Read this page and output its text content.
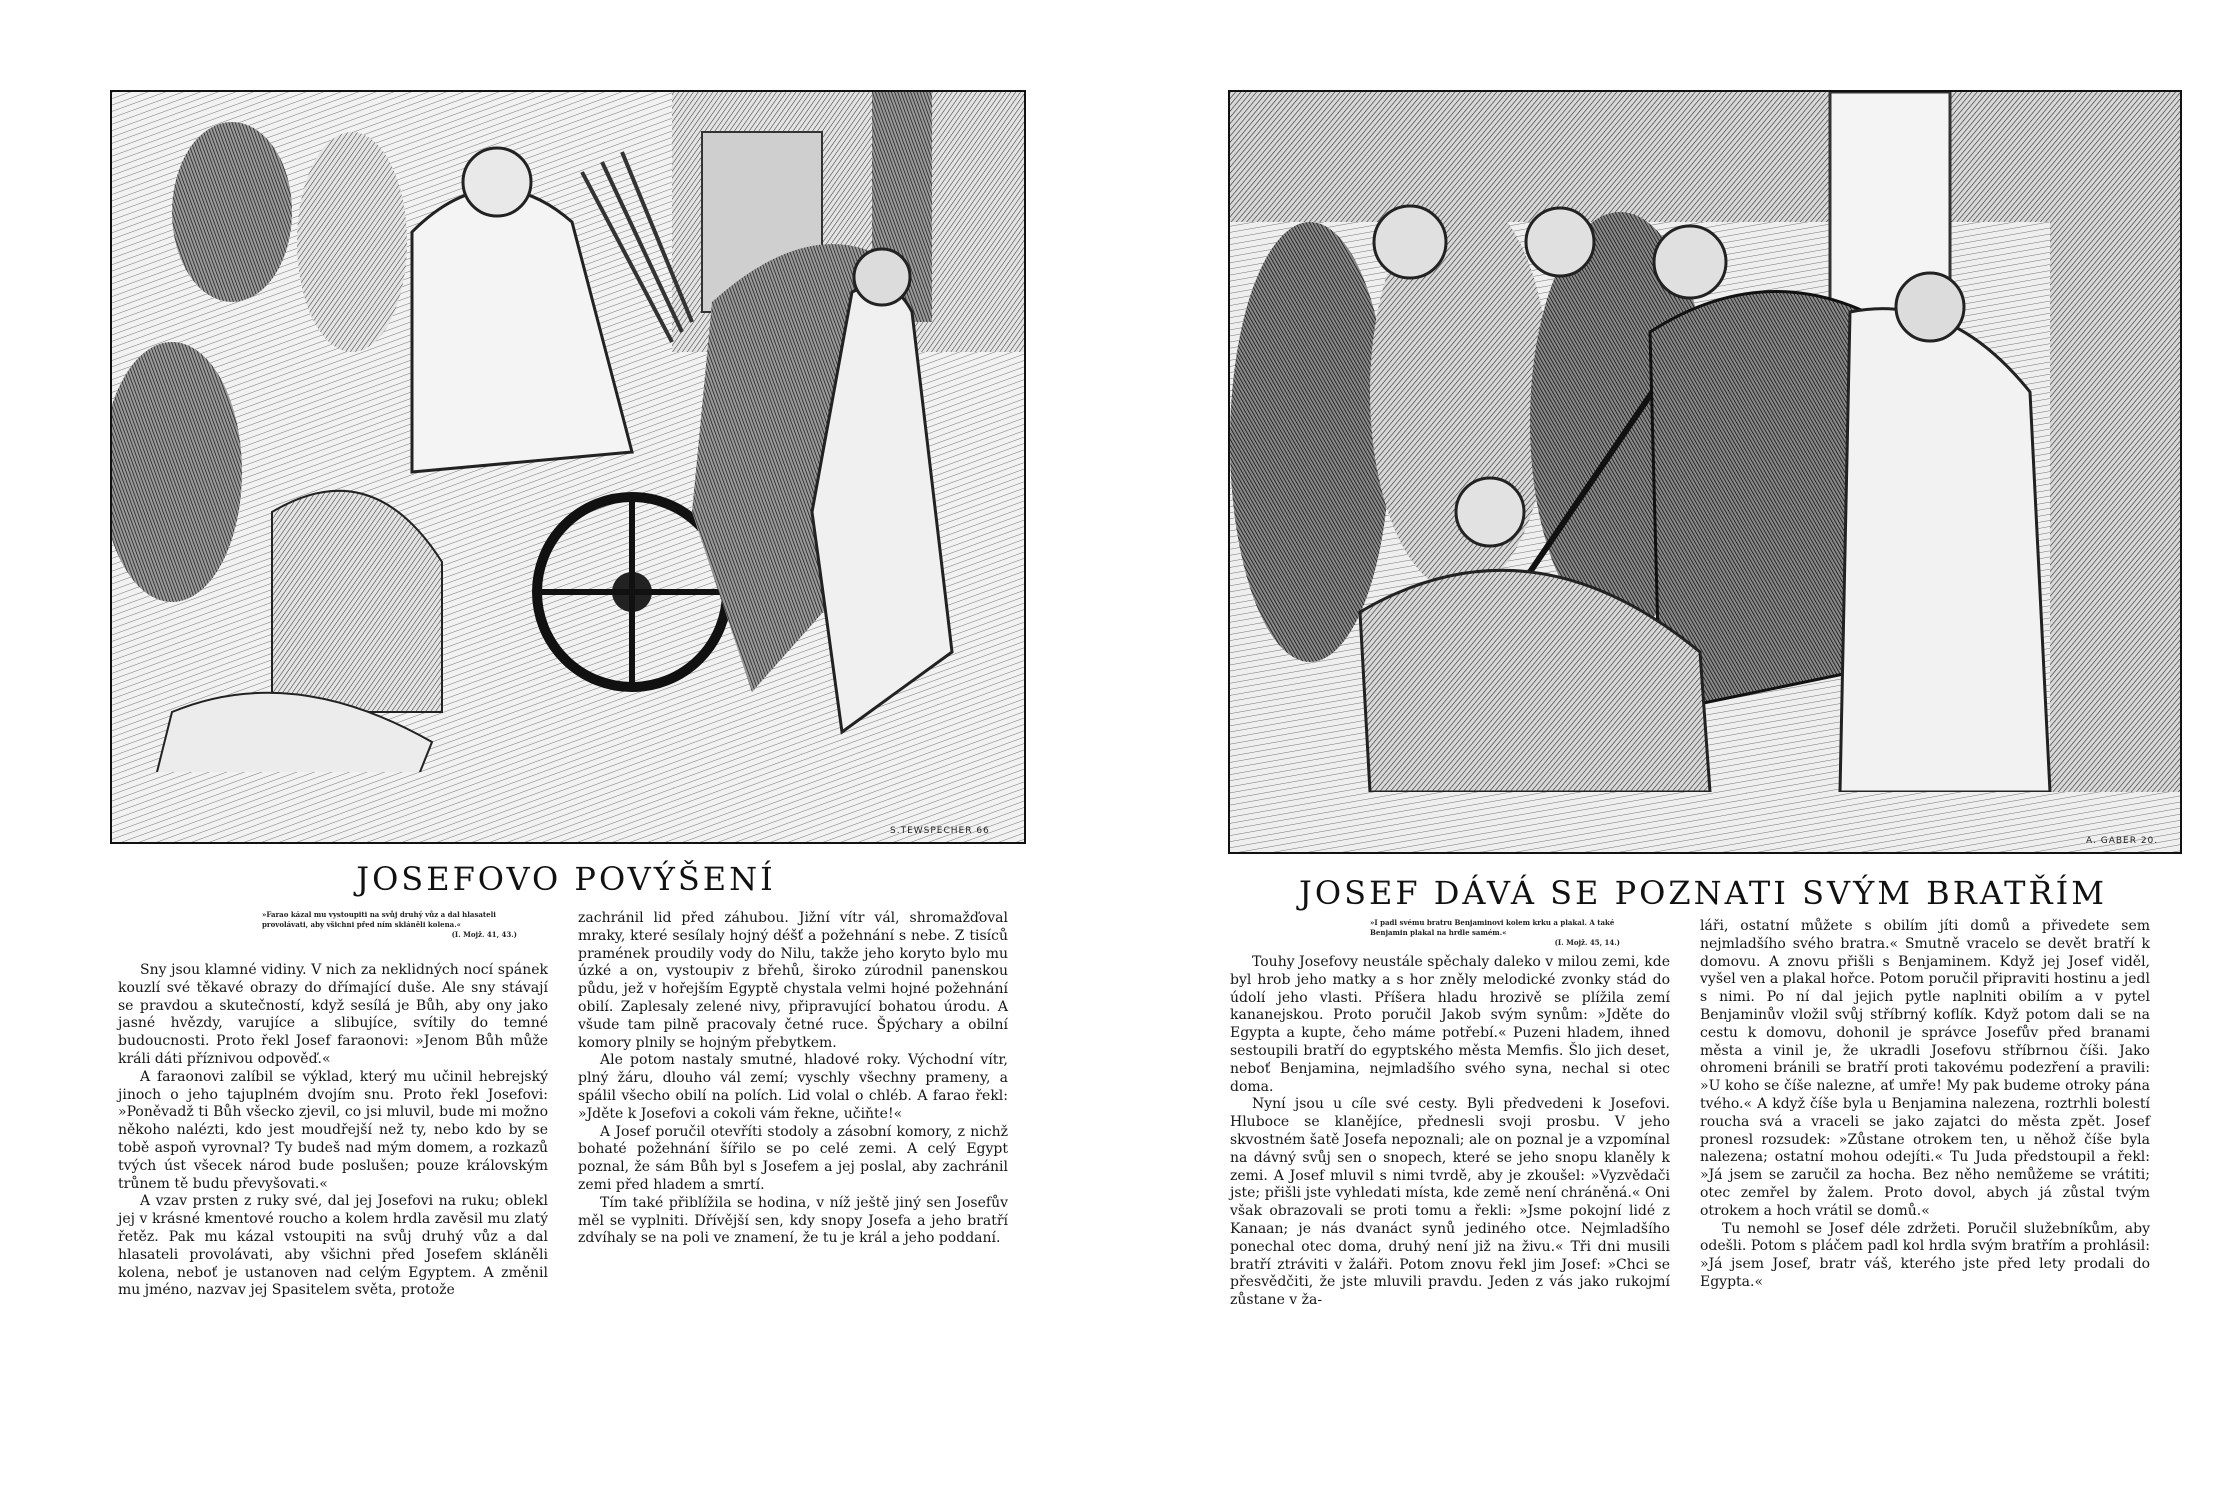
S.TEWSPECHER 66
JOSEFOVO POVÝŠENÍ
»Farao kázal mu vystoupiti na svůj druhý vůz a dal hlasateli provolávati, aby všichni před ním skláněli kolena.«
(I. Mojž. 41, 43.)

Sny jsou klamné vidiny. V nich za neklidných nocí spánek kouzlí své těkavé obrazy do dřímající duše. Ale sny stávají se pravdou a skutečností, když sesílá je Bůh, aby ony jako jasné hvězdy, varujíce a slibujíce, svítily do temné budoucnosti. Proto řekl Josef faraonovi: »Jenom Bůh může králi dáti příznivou odpověď.«

A faraonovi zalíbil se výklad, který mu učinil hebrejský jinoch o jeho tajuplném dvojím snu. Proto řekl Josefovi: »Poněvadž ti Bůh všecko zjevil, co jsi mluvil, bude mi možno někoho nalézti, kdo jest moudřejší než ty, nebo kdo by se tobě aspoň vyrovnal? Ty budeš nad mým domem, a rozkazů tvých úst všecek národ bude poslušen; pouze královským trůnem tě budu převyšovati.«

A vzav prsten z ruky své, dal jej Josefovi na ruku; oblekl jej v krásné kmentové roucho a kolem hrdla zavěsil mu zlatý řetěz. Pak mu kázal vstoupiti na svůj druhý vůz a dal hlasateli provolávati, aby všichni před Josefem skláněli kolena, neboť je ustanoven nad celým Egyptem. A změnil mu jméno, nazvav jej Spasitelem světa, protože

zachránil lid před záhubou. Jižní vítr vál, shromažďoval mraky, které sesílaly hojný déšť a požehnání s nebe. Z tisíců pramének proudily vody do Nilu, takže jeho koryto bylo mu úzké a on, vystoupiv z břehů, široko zúrodnil panenskou půdu, jež v hořejším Egyptě chystala velmi hojné požehnání obilí. Zaplesaly zelené nivy, připravující bohatou úrodu. A všude tam pilně pracovaly četné ruce. Špýchary a obilní komory plnily se hojným přebytkem.

Ale potom nastaly smutné, hladové roky. Východní vítr, plný žáru, dlouho vál zemí; vyschly všechny prameny, a spálil všecho obilí na polích. Lid volal o chléb. A farao řekl: »Jděte k Josefovi a cokoli vám řekne, učiňte!«

A Josef poručil otevříti stodoly a zásobní komory, z nichž bohaté požehnání šířilo se po celé zemi. A celý Egypt poznal, že sám Bůh byl s Josefem a jej poslal, aby zachránil zemi před hladem a smrtí.

Tím také přiblížila se hodina, v níž ještě jiný sen Josefův měl se vyplniti. Dřívější sen, kdy snopy Josefa a jeho bratří zdvíhaly se na poli ve znamení, že tu je král a jeho poddaní.

A. GABER 20.
JOSEF DÁVÁ SE POZNATI SVÝM BRATŘÍM
»I padl svému bratru Benjaminovi kolem krku a plakal. A také Benjamin plakal na hrdle samém.«
(I. Mojž. 45, 14.)

Touhy Josefovy neustále spěchaly daleko v milou zemi, kde byl hrob jeho matky a s hor zněly melodické zvonky stád do údolí jeho vlasti. Příšera hladu hrozivě se plížila zemí kananejskou. Proto poručil Jakob svým synům: »Jděte do Egypta a kupte, čeho máme potřebí.« Puzeni hladem, ihned sestoupili bratří do egyptského města Memfis. Šlo jich deset, neboť Benjamina, nejmladšího svého syna, nechal si otec doma.

Nyní jsou u cíle své cesty. Byli předvedeni k Josefovi. Hluboce se klanějíce, přednesli svoji prosbu. V jeho skvostném šatě Josefa nepoznali; ale on poznal je a vzpomínal na dávný svůj sen o snopech, které se jeho snopu klaněly k zemi. A Josef mluvil s nimi tvrdě, aby je zkoušel: »Vyzvědači jste; přišli jste vyhledati místa, kde země není chráněná.« Oni však obrazovali se proti tomu a řekli: »Jsme pokojní lidé z Kanaan; je nás dvanáct synů jediného otce. Nejmladšího ponechal otec doma, druhý není již na živu.« Tři dni musili bratří ztráviti v žaláři. Potom znovu řekl jim Josef: »Chci se přesvědčiti, že jste mluvili pravdu. Jeden z vás jako rukojmí zůstane v ža-

láři, ostatní můžete s obilím jíti domů a přivedete sem nejmladšího svého bratra.« Smutně vracelo se devět bratří k domovu. A znovu přišli s Benjaminem. Když jej Josef viděl, vyšel ven a plakal hořce. Potom poručil připraviti hostinu a jedl s nimi. Po ní dal jejich pytle naplniti obilím a v pytel Benjaminův vložil svůj stříbrný koflík. Když potom dali se na cestu k domovu, dohonil je správce Josefův před branami města a vinil je, že ukradli Josefovu stříbrnou číši. Jako ohromeni bránili se bratří proti takovému podezření a pravili: »U koho se číše nalezne, ať umře! My pak budeme otroky pána tvého.« A když číše byla u Benjamina nalezena, roztrhli bolestí roucha svá a vraceli se jako zajatci do města zpět. Josef pronesl rozsudek: »Zůstane otrokem ten, u něhož číše byla nalezena; ostatní mohou odejíti.« Tu Juda předstoupil a řekl: »Já jsem se zaručil za hocha. Bez něho nemůžeme se vrátiti; otec zemřel by žalem. Proto dovol, abych já zůstal tvým otrokem a hoch vrátil se domů.«

Tu nemohl se Josef déle zdržeti. Poručil služebníkům, aby odešli. Potom s pláčem padl kol hrdla svým bratřím a prohlásil: »Já jsem Josef, bratr váš, kterého jste před lety prodali do Egypta.«
